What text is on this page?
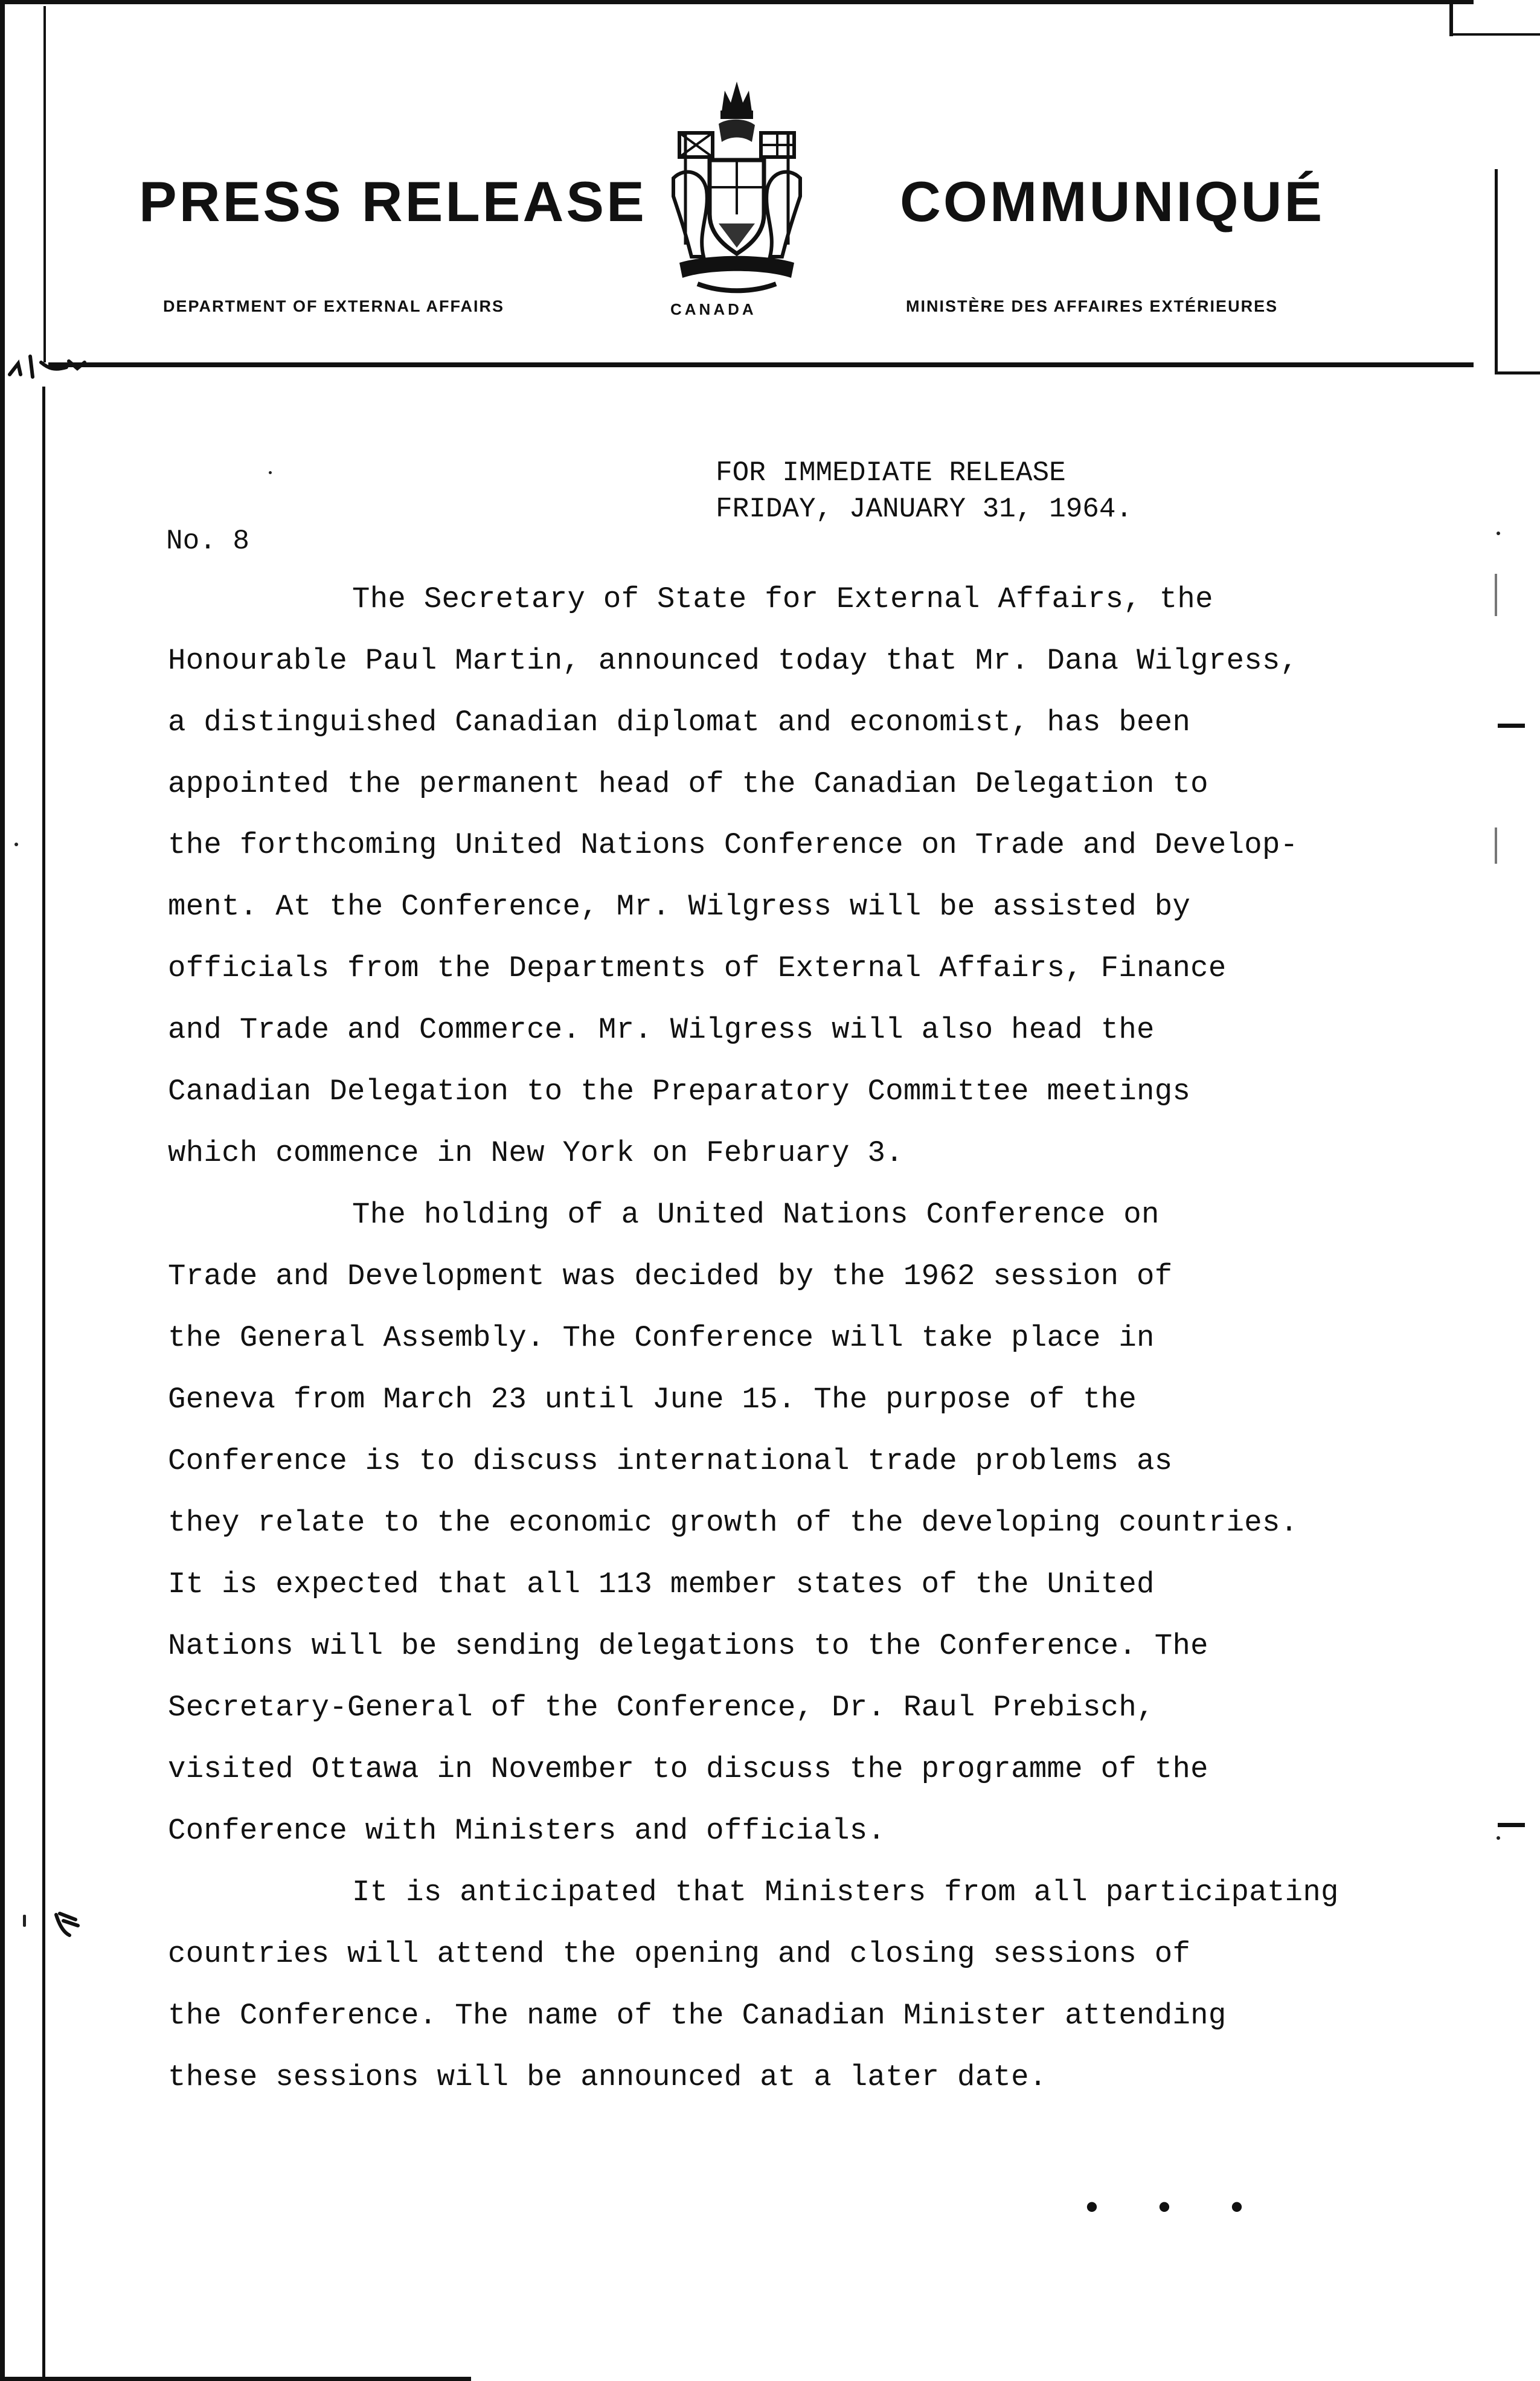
PRESS RELEASE	COMMUNIQUÉ
DEPARTMENT OF EXTERNAL AFFAIRS	CANADA	MINISTÈRE DES AFFAIRES EXTÉRIEURES
FOR IMMEDIATE RELEASE
FRIDAY, JANUARY 31, 1964.
No. 8
The Secretary of State for External Affairs, the
Honourable Paul Martin, announced today that Mr. Dana Wilgress,
a distinguished Canadian diplomat and economist, has been
appointed the permanent head of the Canadian Delegation to
the forthcoming United Nations Conference on Trade and Develop-
ment. At the Conference, Mr. Wilgress will be assisted by
officials from the Departments of External Affairs, Finance
and Trade and Commerce. Mr. Wilgress will also head the
Canadian Delegation to the Preparatory Committee meetings
which commence in New York on February 3.
The holding of a United Nations Conference on
Trade and Development was decided by the 1962 session of
the General Assembly. The Conference will take place in
Geneva from March 23 until June 15. The purpose of the
Conference is to discuss international trade problems as
they relate to the economic growth of the developing countries.
It is expected that all 113 member states of the United
Nations will be sending delegations to the Conference. The
Secretary-General of the Conference, Dr. Raul Prebisch,
visited Ottawa in November to discuss the programme of the
Conference with Ministers and officials.
It is anticipated that Ministers from all participating
countries will attend the opening and closing sessions of
the Conference. The name of the Canadian Minister attending
these sessions will be announced at a later date.
• • •
